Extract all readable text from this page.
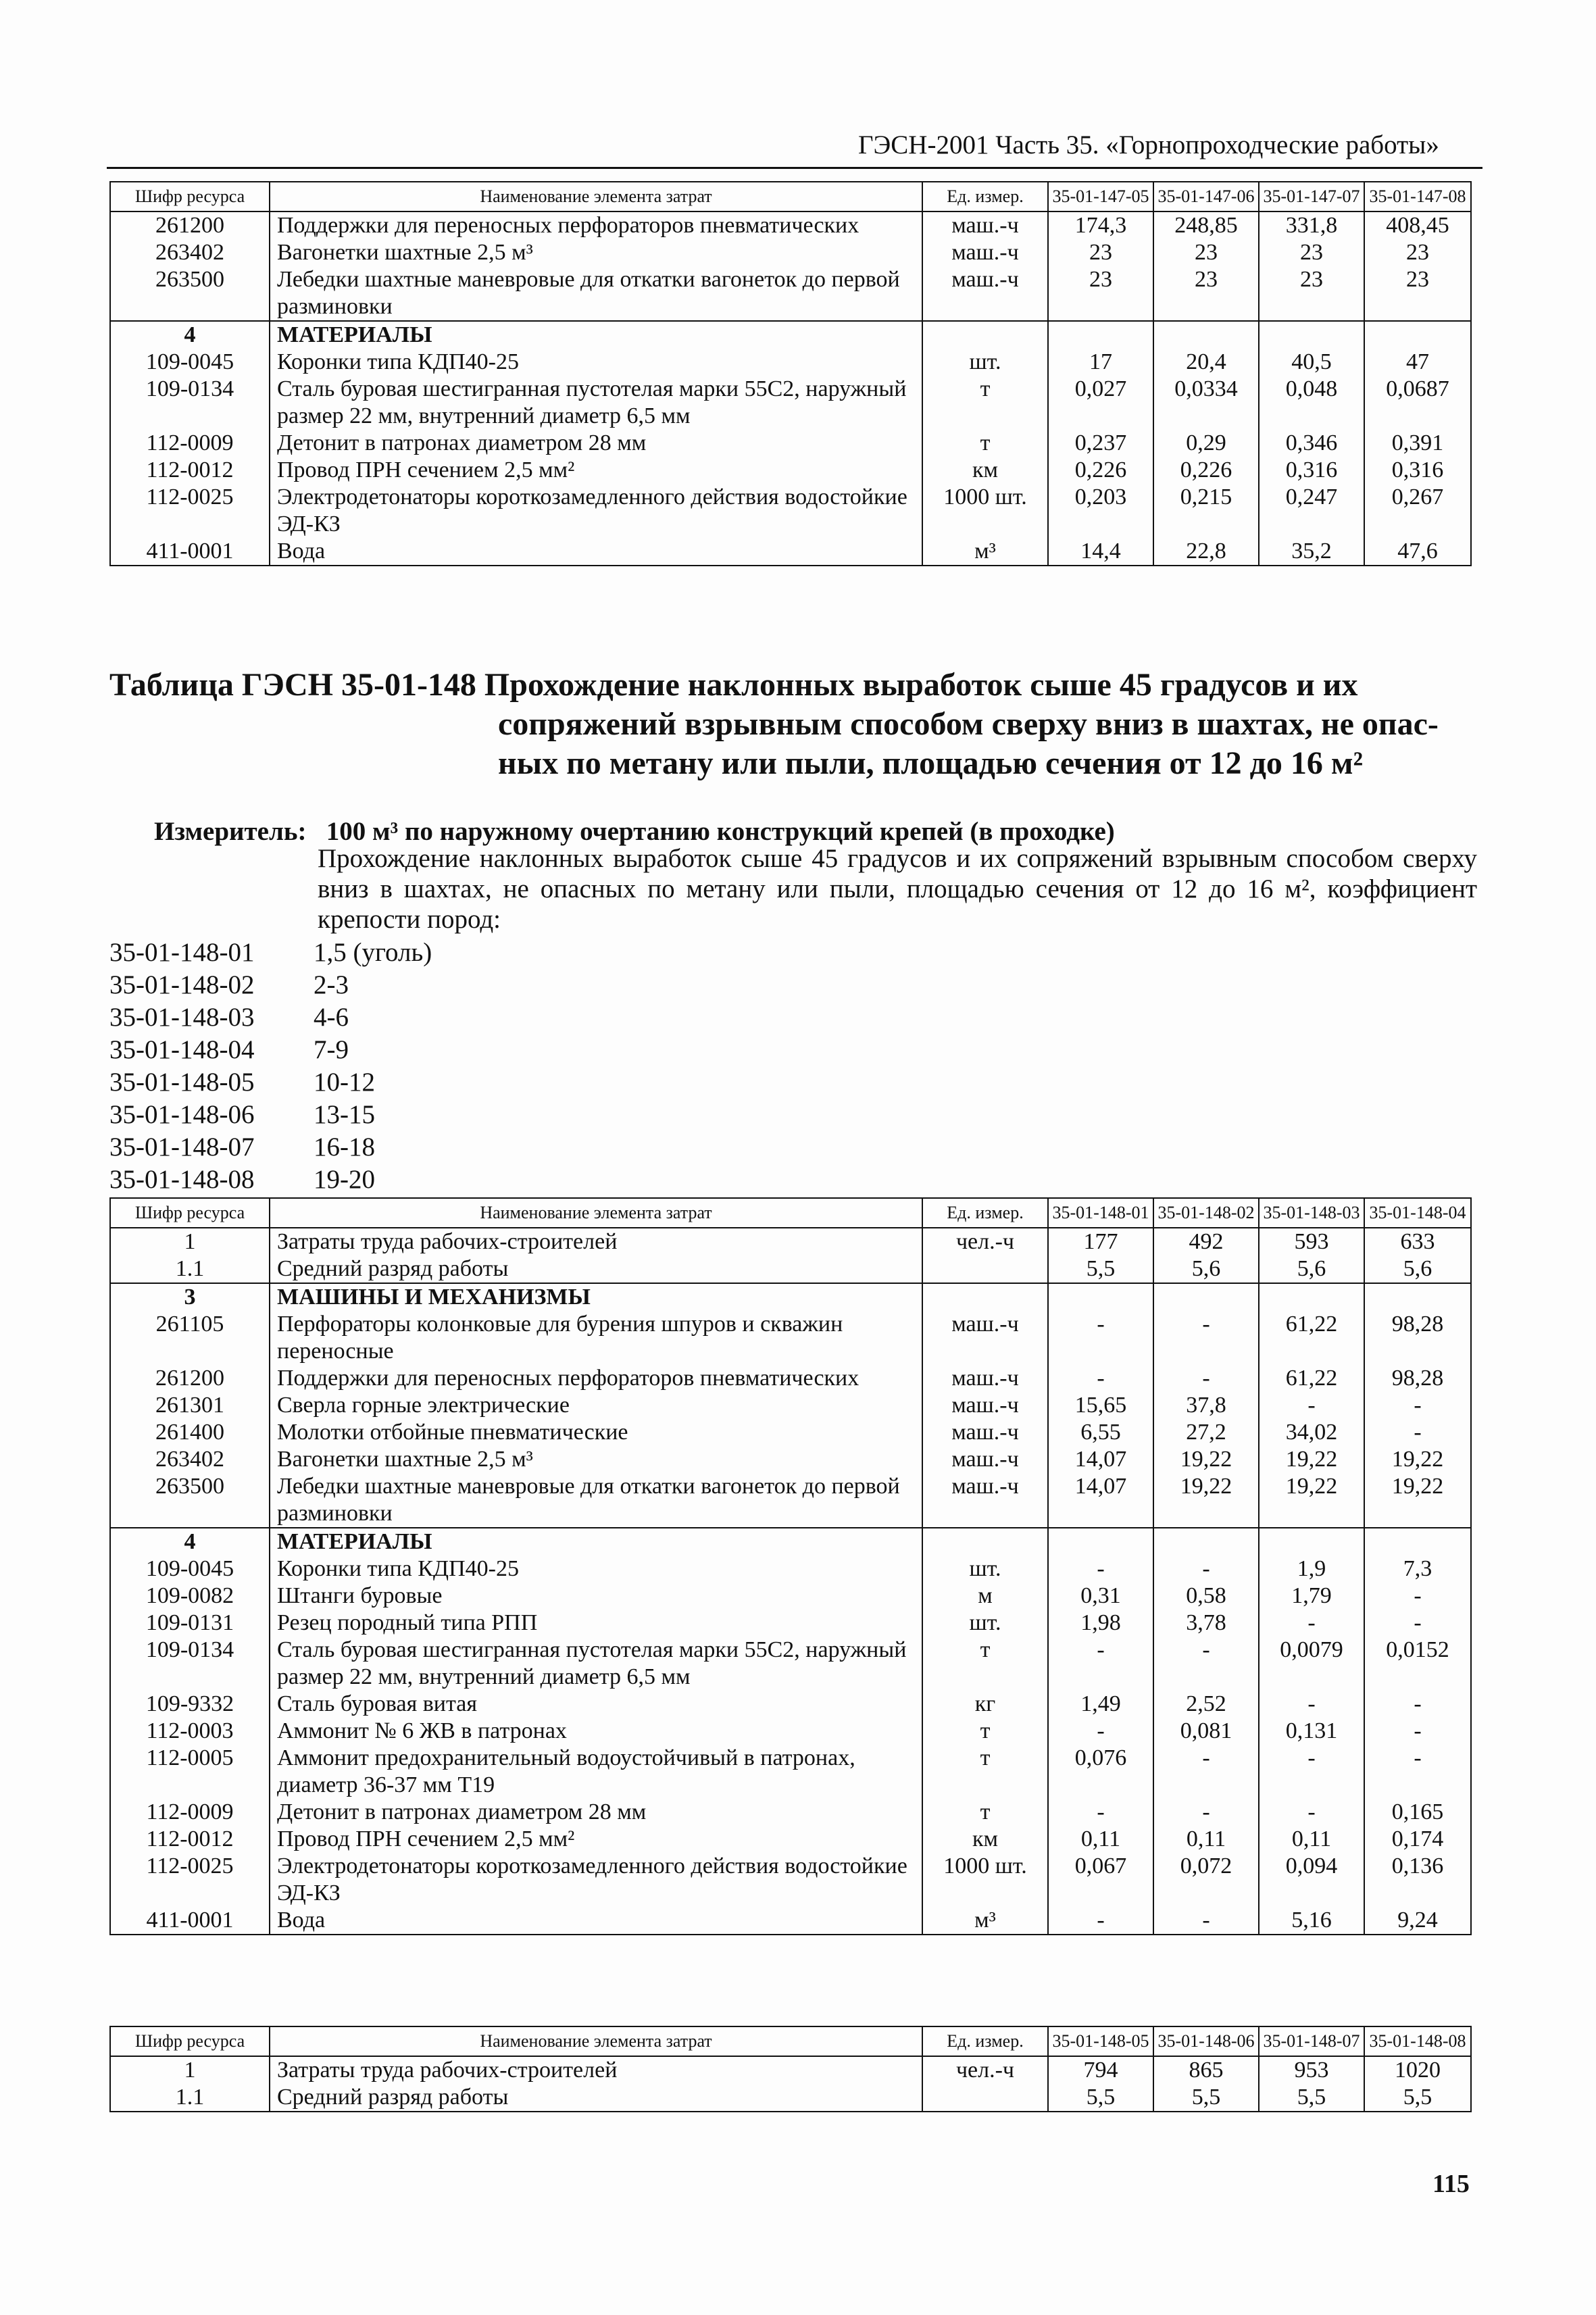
ГЭСН-2001 Часть 35. «Горнопроходческие работы»
Шифр ресурса	Наименование элемента затрат	Ед. измер.	35-01-147-05	35-01-147-06	35-01-147-07	35-01-147-08
261200	Поддержки для переносных перфораторов пневматических	маш.-ч	174,3	248,85	331,8	408,45
263402	Вагонетки шахтные 2,5 м³	маш.-ч	23	23	23	23
263500	Лебедки шахтные маневровые для откатки вагонеток до первой разминовки	маш.-ч	23	23	23	23
4	МАТЕРИАЛЫ					
109-0045	Коронки типа КДП40-25	шт.	17	20,4	40,5	47
109-0134	Сталь буровая шестигранная пустотелая марки 55С2, наружный размер 22 мм, внутренний диаметр 6,5 мм	т	0,027	0,0334	0,048	0,0687
112-0009	Детонит в патронах диаметром 28 мм	т	0,237	0,29	0,346	0,391
112-0012	Провод ПРН сечением 2,5 мм²	км	0,226	0,226	0,316	0,316
112-0025	Электродетонаторы короткозамедленного действия водостойкие ЭД-КЗ	1000 шт.	0,203	0,215	0,247	0,267
411-0001	Вода	м³	14,4	22,8	35,2	47,6
Таблица ГЭСН 35-01-148 Прохождение наклонных выработок сыше 45 градусов и их
сопряжений взрывным способом сверху вниз в шахтах, не опас-
ных по метану или пыли, площадью сечения от 12 до 16 м²
Измеритель: 100 м³ по наружному очертанию конструкций крепей (в проходке)
Прохождение наклонных выработок сыше 45 градусов и их сопряжений взрывным способом сверху вниз в шахтах, не опасных по метану или пыли, площадью сечения от 12 до 16 м², коэффициент крепости пород:
35-01-148-01	1,5 (уголь)
35-01-148-02	2-3
35-01-148-03	4-6
35-01-148-04	7-9
35-01-148-05	10-12
35-01-148-06	13-15
35-01-148-07	16-18
35-01-148-08	19-20
Шифр ресурса	Наименование элемента затрат	Ед. измер.	35-01-148-01	35-01-148-02	35-01-148-03	35-01-148-04
1	Затраты труда рабочих-строителей	чел.-ч	177	492	593	633
1.1	Средний разряд работы		5,5	5,6	5,6	5,6
3	МАШИНЫ И МЕХАНИЗМЫ					
261105	Перфораторы колонковые для бурения шпуров и скважин переносные	маш.-ч	-	-	61,22	98,28
261200	Поддержки для переносных перфораторов пневматических	маш.-ч	-	-	61,22	98,28
261301	Сверла горные электрические	маш.-ч	15,65	37,8	-	-
261400	Молотки отбойные пневматические	маш.-ч	6,55	27,2	34,02	-
263402	Вагонетки шахтные 2,5 м³	маш.-ч	14,07	19,22	19,22	19,22
263500	Лебедки шахтные маневровые для откатки вагонеток до первой разминовки	маш.-ч	14,07	19,22	19,22	19,22
4	МАТЕРИАЛЫ					
109-0045	Коронки типа КДП40-25	шт.	-	-	1,9	7,3
109-0082	Штанги буровые	м	0,31	0,58	1,79	-
109-0131	Резец породный типа РПП	шт.	1,98	3,78	-	-
109-0134	Сталь буровая шестигранная пустотелая марки 55С2, наружный размер 22 мм, внутренний диаметр 6,5 мм	т	-	-	0,0079	0,0152
109-9332	Сталь буровая витая	кг	1,49	2,52	-	-
112-0003	Аммонит № 6 ЖВ в патронах	т	-	0,081	0,131	-
112-0005	Аммонит предохранительный водоустойчивый в патронах, диаметр 36-37 мм Т19	т	0,076	-	-	-
112-0009	Детонит в патронах диаметром 28 мм	т	-	-	-	0,165
112-0012	Провод ПРН сечением 2,5 мм²	км	0,11	0,11	0,11	0,174
112-0025	Электродетонаторы короткозамедленного действия водостойкие ЭД-КЗ	1000 шт.	0,067	0,072	0,094	0,136
411-0001	Вода	м³	-	-	5,16	9,24
Шифр ресурса	Наименование элемента затрат	Ед. измер.	35-01-148-05	35-01-148-06	35-01-148-07	35-01-148-08
1	Затраты труда рабочих-строителей	чел.-ч	794	865	953	1020
1.1	Средний разряд работы		5,5	5,5	5,5	5,5
115
